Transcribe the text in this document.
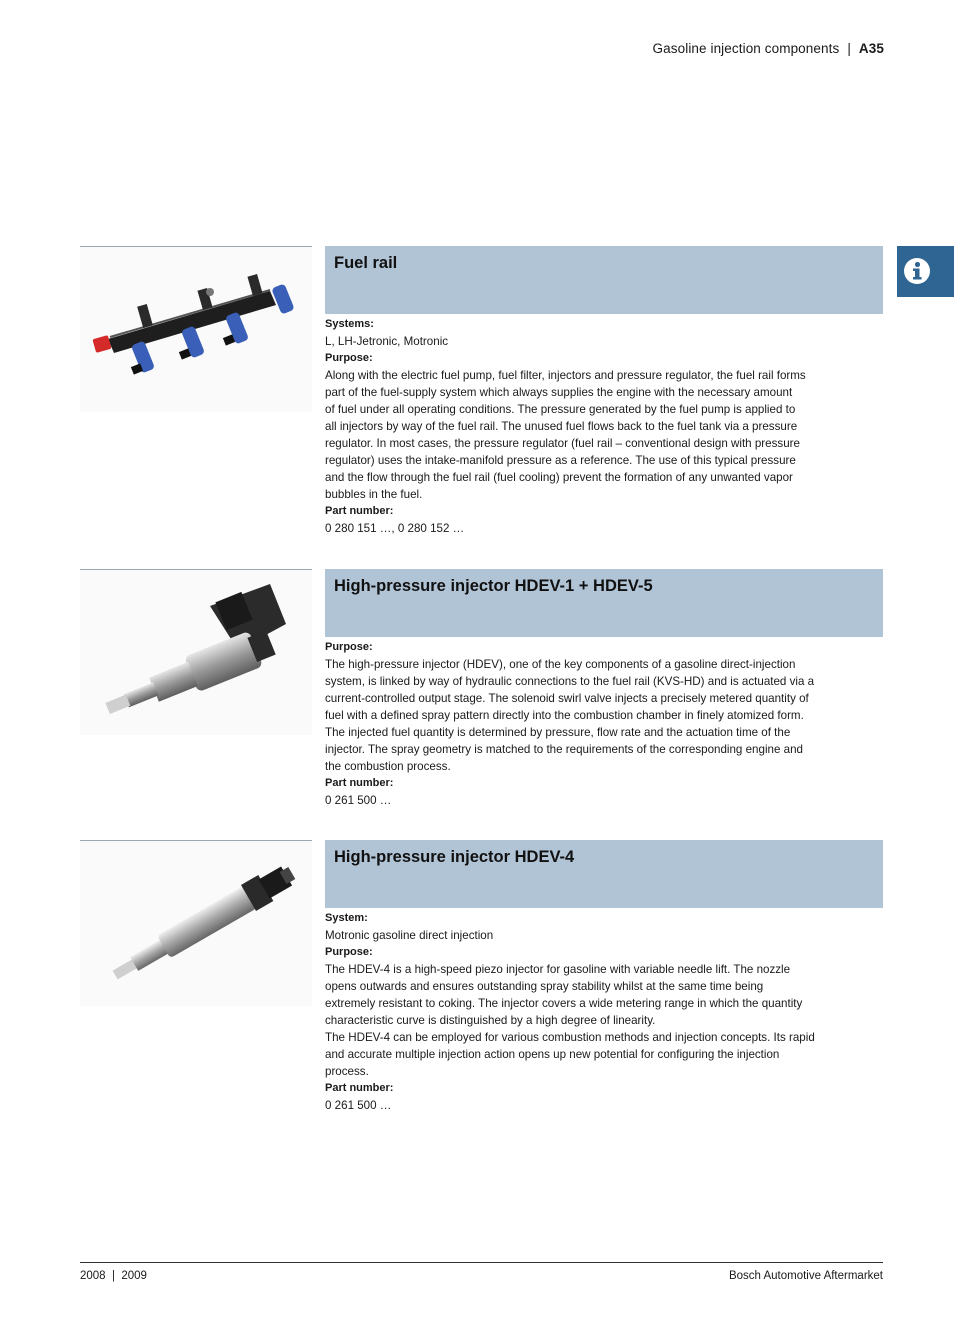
Gasoline injection components | A35
Fuel rail

Systems:

L, LH-Jetronic, Motronic

Purpose:

Along with the electric fuel pump, fuel filter, injectors and pressure regulator, the fuel rail forms

part of the fuel-supply system which always supplies the engine with the necessary amount

of fuel under all operating conditions. The pressure generated by the fuel pump is applied to

all injectors by way of the fuel rail. The unused fuel flows back to the fuel tank via a pressure

regulator. In most cases, the pressure regulator (fuel rail – conventional design with pressure

regulator) uses the intake-manifold pressure as a reference. The use of this typical pressure

and the flow through the fuel rail (fuel cooling) prevent the formation of any unwanted vapor

bubbles in the fuel.

Part number:

0 280 151 …, 0 280 152 …

High-pressure injector HDEV-1 + HDEV-5

Purpose:

The high-pressure injector (HDEV), one of the key components of a gasoline direct-injection

system, is linked by way of hydraulic connections to the fuel rail (KVS-HD) and is actuated via a

current-controlled output stage. The solenoid swirl valve injects a precisely metered quantity of

fuel with a defined spray pattern directly into the combustion chamber in finely atomized form.

The injected fuel quantity is determined by pressure, flow rate and the actuation time of the

injector. The spray geometry is matched to the requirements of the corresponding engine and

the combustion process.

Part number:

0 261 500 …

High-pressure injector HDEV-4

System:

Motronic gasoline direct injection

Purpose:

The HDEV-4 is a high-speed piezo injector for gasoline with variable needle lift. The nozzle

opens outwards and ensures outstanding spray stability whilst at the same time being

extremely resistant to coking. The injector covers a wide metering range in which the quantity

characteristic curve is distinguished by a high degree of linearity.

The HDEV-4 can be employed for various combustion methods and injection concepts. Its rapid

and accurate multiple injection action opens up new potential for configuring the injection

process.

Part number:

0 261 500 …

2008  |  2009	Bosch Automotive Aftermarket
